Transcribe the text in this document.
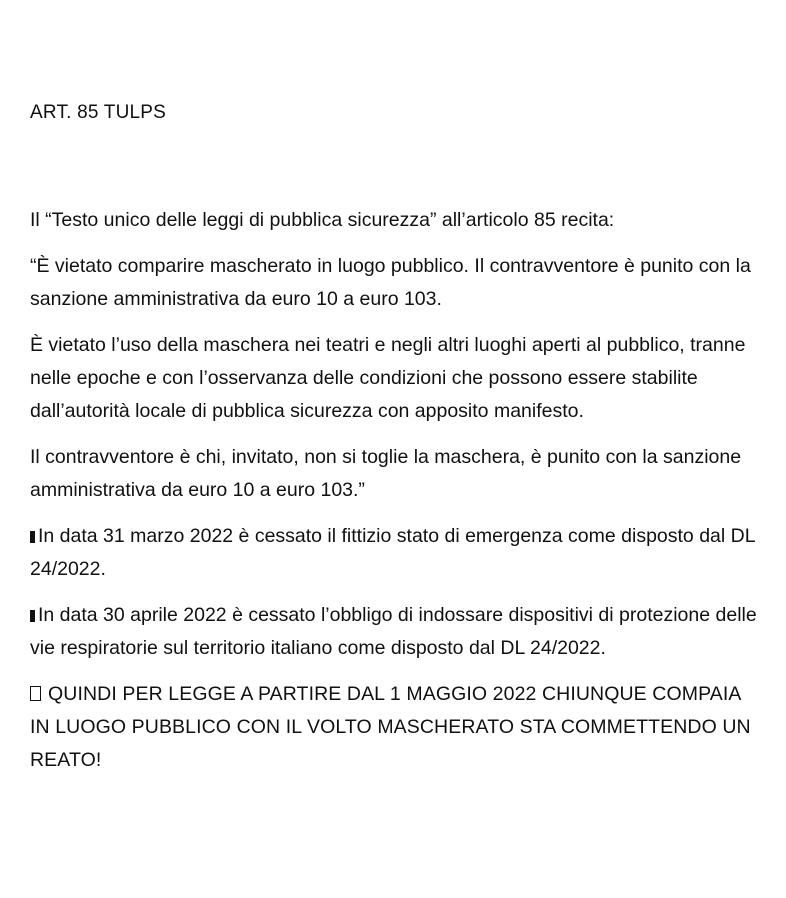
ART. 85 TULPS

Il “Testo unico delle leggi di pubblica sicurezza” all’articolo 85 recita:

“È vietato comparire mascherato in luogo pubblico. Il contravventore è punito con la sanzione amministrativa da euro 10 a euro 103.

È vietato l’uso della maschera nei teatri e negli altri luoghi aperti al pubblico, tranne nelle epoche e con l’osservanza delle condizioni che possono essere stabilite dall’autorità locale di pubblica sicurezza con apposito manifesto.

Il contravventore è chi, invitato, non si toglie la maschera, è punito con la sanzione amministrativa da euro 10 a euro 103.”

In data 31 marzo 2022 è cessato il fittizio stato di emergenza come disposto dal DL 24/2022.

In data 30 aprile 2022 è cessato l’obbligo di indossare dispositivi di protezione delle vie respiratorie sul territorio italiano come disposto dal DL 24/2022.

QUINDI PER LEGGE A PARTIRE DAL 1 MAGGIO 2022 CHIUNQUE COMPAIA IN LUOGO PUBBLICO CON IL VOLTO MASCHERATO STA COMMETTENDO UN REATO!
